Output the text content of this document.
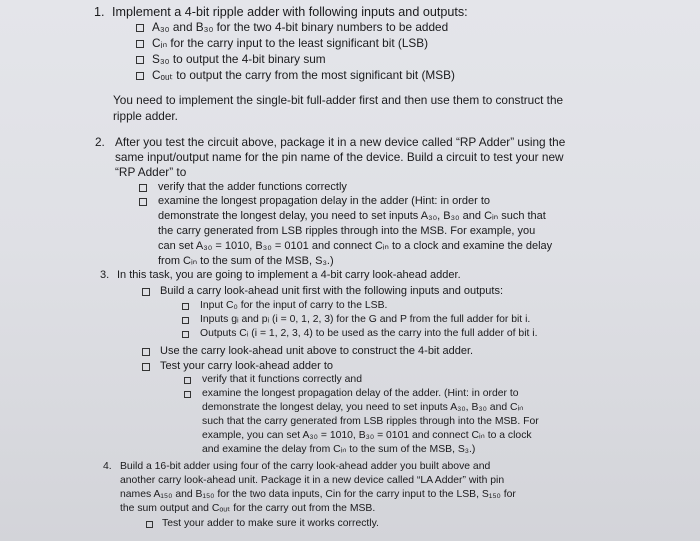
1. Implement a 4-bit ripple adder with following inputs and outputs:
A₃₀ and B₃₀ for the two 4-bit binary numbers to be added
Cᵢₙ for the carry input to the least significant bit (LSB)
S₃₀ to output the 4-bit binary sum
Cₒᵤₜ to output the carry from the most significant bit (MSB)
You need to implement the single-bit full-adder first and then use them to construct the
ripple adder.
2. After you test the circuit above, package it in a new device called “RP Adder” using the
same input/output name for the pin name of the device. Build a circuit to test your new
“RP Adder” to
verify that the adder functions correctly
examine the longest propagation delay in the adder (Hint: in order to
demonstrate the longest delay, you need to set inputs A₃₀, B₃₀ and Cᵢₙ such that
the carry generated from LSB ripples through into the MSB. For example, you
can set A₃₀ = 1010, B₃₀ = 0101 and connect Cᵢₙ to a clock and examine the delay
from Cᵢₙ to the sum of the MSB, S₃.)
3. In this task, you are going to implement a 4-bit carry look-ahead adder.
Build a carry look-ahead unit first with the following inputs and outputs:
Input C₀ for the input of carry to the LSB.
Inputs gᵢ and pᵢ (i = 0, 1, 2, 3) for the G and P from the full adder for bit i.
Outputs Cᵢ (i = 1, 2, 3, 4) to be used as the carry into the full adder of bit i.
Use the carry look-ahead unit above to construct the 4-bit adder.
Test your carry look-ahead adder to
verify that it functions correctly and
examine the longest propagation delay of the adder. (Hint: in order to
demonstrate the longest delay, you need to set inputs A₃₀, B₃₀ and Cᵢₙ
such that the carry generated from LSB ripples through into the MSB. For
example, you can set A₃₀ = 1010, B₃₀ = 0101 and connect Cᵢₙ to a clock
and examine the delay from Cᵢₙ to the sum of the MSB, S₃.)
4. Build a 16-bit adder using four of the carry look-ahead adder you built above and
another carry look-ahead unit. Package it in a new device called “LA Adder” with pin
names A₁₅₀ and B₁₅₀ for the two data inputs, Cin for the carry input to the LSB, S₁₅₀ for
the sum output and Cₒᵤₜ for the carry out from the MSB.
Test your adder to make sure it works correctly.
